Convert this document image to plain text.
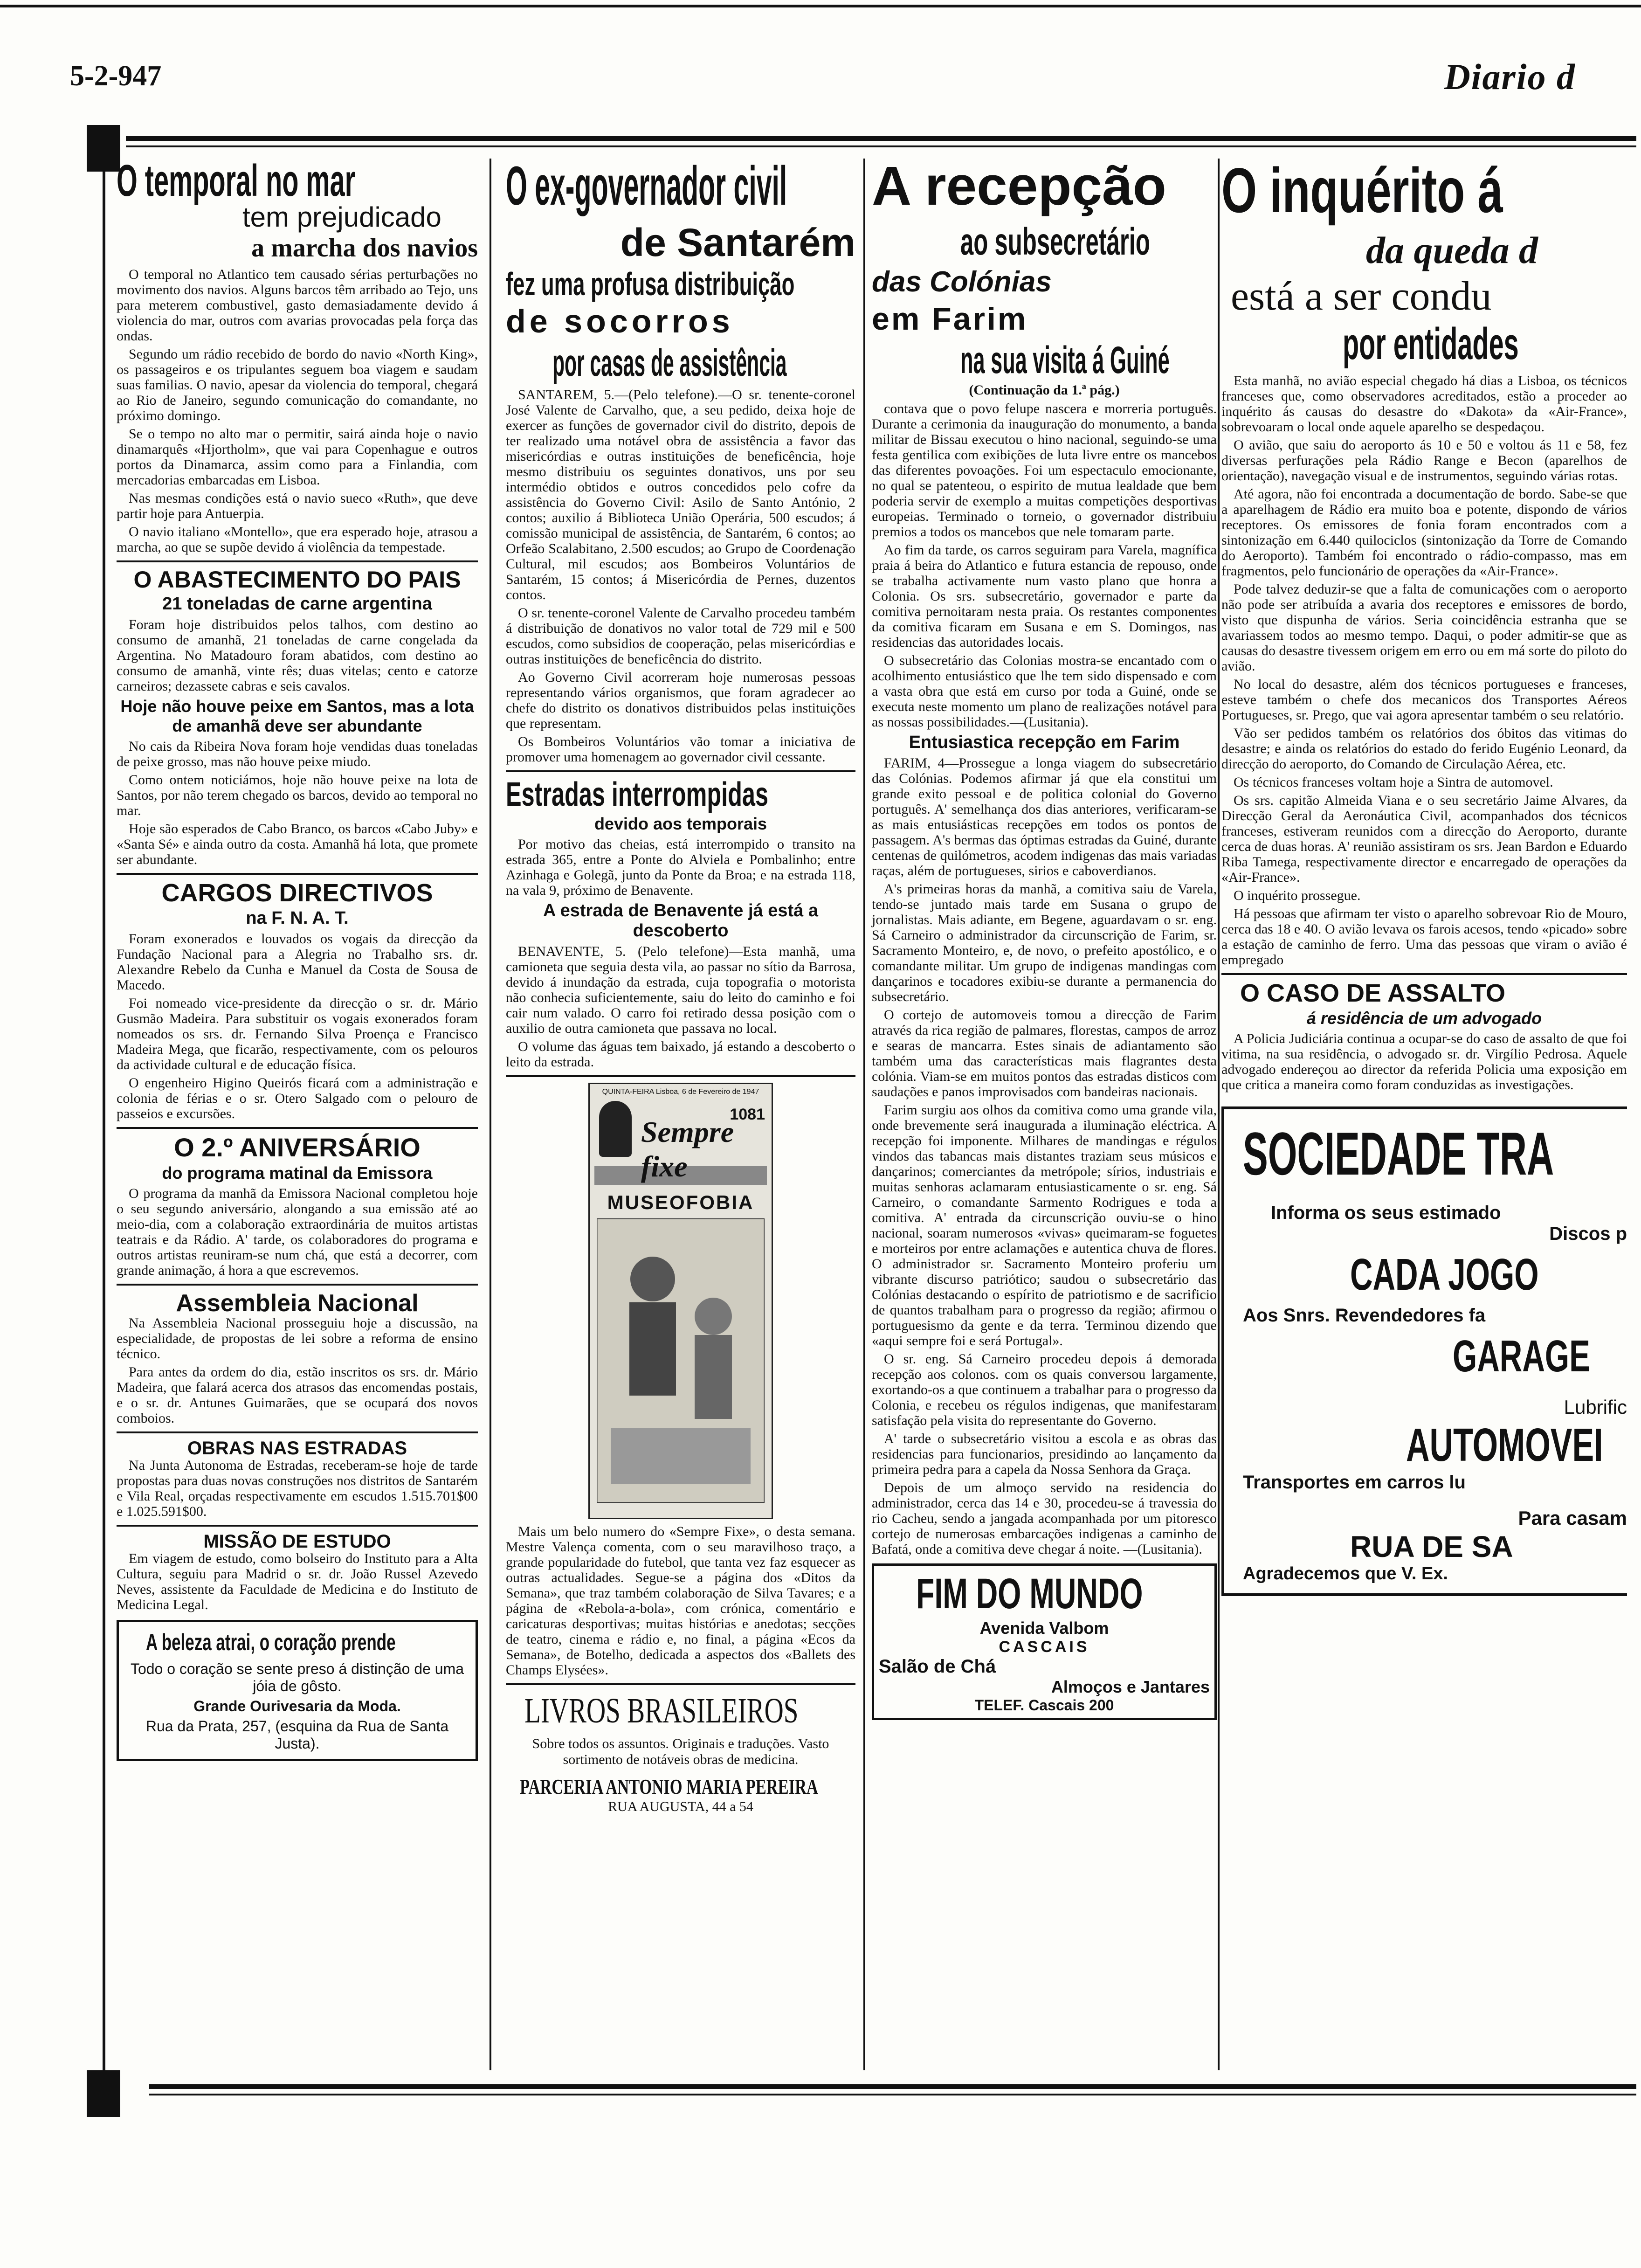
5-2-947	Diario d
O temporal no mar
tem prejudicado
a marcha dos navios

O temporal no Atlantico tem causado sérias perturbações no movimento dos navios. Alguns barcos têm arribado ao Tejo, uns para meterem combustivel, gasto demasiadamente devido á violencia do mar, outros com avarias provocadas pela força das ondas.

Segundo um rádio recebido de bordo do navio «North King», os passageiros e os tripulantes seguem boa viagem e saudam suas familias. O navio, apesar da violencia do temporal, chegará ao Rio de Janeiro, segundo comunicação do comandante, no próximo domingo.

Se o tempo no alto mar o permitir, sairá ainda hoje o navio dinamarquês «Hjortholm», que vai para Copenhague e outros portos da Dinamarca, assim como para a Finlandia, com mercadorias embarcadas em Lisboa.

Nas mesmas condições está o navio sueco «Ruth», que deve partir hoje para Antuerpia.

O navio italiano «Montello», que era esperado hoje, atrasou a marcha, ao que se supõe devido á violência da tempestade.

O ABASTECIMENTO DO PAIS
21 toneladas de carne argentina

Foram hoje distribuidos pelos talhos, com destino ao consumo de amanhã, 21 toneladas de carne congelada da Argentina. No Matadouro foram abatidos, com destino ao consumo de amanhã, vinte rês; duas vitelas; cento e catorze carneiros; dezassete cabras e seis cavalos.

Hoje não houve peixe em Santos, mas a lota de amanhã deve ser abundante

No cais da Ribeira Nova foram hoje vendidas duas toneladas de peixe grosso, mas não houve peixe miudo.

Como ontem noticiámos, hoje não houve peixe na lota de Santos, por não terem chegado os barcos, devido ao temporal no mar.

Hoje são esperados de Cabo Branco, os barcos «Cabo Juby» e «Santa Sé» e ainda outro da costa. Amanhã há lota, que promete ser abundante.

CARGOS DIRECTIVOS
na F. N. A. T.

Foram exonerados e louvados os vogais da direcção da Fundação Nacional para a Alegria no Trabalho srs. dr. Alexandre Rebelo da Cunha e Manuel da Costa de Sousa de Macedo.

Foi nomeado vice-presidente da direcção o sr. dr. Mário Gusmão Madeira. Para substituir os vogais exonerados foram nomeados os srs. dr. Fernando Silva Proença e Francisco Madeira Mega, que ficarão, respectivamente, com os pelouros da actividade cultural e de educação física.

O engenheiro Higino Queirós ficará com a administração e colonia de férias e o sr. Otero Salgado com o pelouro de passeios e excursões.

O 2.º ANIVERSÁRIO
do programa matinal da Emissora

O programa da manhã da Emissora Nacional completou hoje o seu segundo aniversário, alongando a sua emissão até ao meio-dia, com a colaboração extraordinária de muitos artistas teatrais e da Rádio. A' tarde, os colaboradores do programa e outros artistas reuniram-se num chá, que está a decorrer, com grande animação, á hora a que escrevemos.

Assembleia Nacional

Na Assembleia Nacional prosseguiu hoje a discussão, na especialidade, de propostas de lei sobre a reforma de ensino técnico.

Para antes da ordem do dia, estão inscritos os srs. dr. Mário Madeira, que falará acerca dos atrasos das encomendas postais, e o sr. dr. Antunes Guimarães, que se ocupará dos novos comboios.

OBRAS NAS ESTRADAS

Na Junta Autonoma de Estradas, receberam-se hoje de tarde propostas para duas novas construções nos distritos de Santarém e Vila Real, orçadas respectivamente em escudos 1.515.701$00 e 1.025.591$00.

MISSÃO DE ESTUDO

Em viagem de estudo, como bolseiro do Instituto para a Alta Cultura, seguiu para Madrid o sr. dr. João Russel Azevedo Neves, assistente da Faculdade de Medicina e do Instituto de Medicina Legal.

A beleza atrai, o coração prende
Todo o coração se sente preso á distinção de uma jóia de gôsto.
Grande Ourivesaria da Moda.
Rua da Prata, 257, (esquina da Rua de Santa Justa).
O ex-governador civil
de Santarém
fez uma profusa distribuição
de socorros
por casas de assistência

SANTAREM, 5.—(Pelo telefone).—O sr. tenente-coronel José Valente de Carvalho, que, a seu pedido, deixa hoje de exercer as funções de governador civil do distrito, depois de ter realizado uma notável obra de assistência a favor das misericórdias e outras instituições de beneficência, hoje mesmo distribuiu os seguintes donativos, uns por seu intermédio obtidos e outros concedidos pelo cofre da assistência do Governo Civil: Asilo de Santo António, 2 contos; auxilio á Biblioteca União Operária, 500 escudos; á comissão municipal de assistência, de Santarém, 6 contos; ao Orfeão Scalabitano, 2.500 escudos; ao Grupo de Coordenação Cultural, mil escudos; aos Bombeiros Voluntários de Santarém, 15 contos; á Misericórdia de Pernes, duzentos contos.

O sr. tenente-coronel Valente de Carvalho procedeu também á distribuição de donativos no valor total de 729 mil e 500 escudos, como subsidios de cooperação, pelas misericórdias e outras instituições de beneficência do distrito.

Ao Governo Civil acorreram hoje numerosas pessoas representando vários organismos, que foram agradecer ao chefe do distrito os donativos distribuidos pelas instituições que representam.

Os Bombeiros Voluntários vão tomar a iniciativa de promover uma homenagem ao governador civil cessante.

Estradas interrompidas
devido aos temporais

Por motivo das cheias, está interrompido o transito na estrada 365, entre a Ponte do Alviela e Pombalinho; entre Azinhaga e Golegã, junto da Ponte da Broa; e na estrada 118, na vala 9, próximo de Benavente.

A estrada de Benavente já está a descoberto

BENAVENTE, 5. (Pelo telefone)—Esta manhã, uma camioneta que seguia desta vila, ao passar no sítio da Barrosa, devido á inundação da estrada, cuja topografia o motorista não conhecia suficientemente, saiu do leito do caminho e foi cair num valado. O carro foi retirado dessa posição com o auxilio de outra camioneta que passava no local.

O volume das águas tem baixado, já estando a descoberto o leito da estrada.

QUINTA-FEIRA Lisboa, 6 de Fevereiro de 1947
Sempre fixe
1081
MUSEOFOBIA

Mais um belo numero do «Sempre Fixe», o desta semana. Mestre Valença comenta, com o seu maravilhoso traço, a grande popularidade do futebol, que tanta vez faz esquecer as outras actualidades. Segue-se a página dos «Ditos da Semana», que traz também colaboração de Silva Tavares; e a página de «Rebola-a-bola», com crónica, comentário e caricaturas desportivas; muitas histórias e anedotas; secções de teatro, cinema e rádio e, no final, a página «Ecos da Semana», de Botelho, dedicada a aspectos dos «Ballets des Champs Elysées».

LIVROS BRASILEIROS
Sobre todos os assuntos. Originais e traduções. Vasto sortimento de notáveis obras de medicina.
PARCERIA ANTONIO MARIA PEREIRA
RUA AUGUSTA, 44 a 54
A recepção
ao subsecretário
das Colónias
em Farim
na sua visita á Guiné
(Continuação da 1.ª pág.)

contava que o povo felupe nascera e morreria português. Durante a cerimonia da inauguração do monumento, a banda militar de Bissau executou o hino nacional, seguindo-se uma festa gentilica com exibições de luta livre entre os mancebos das diferentes povoações. Foi um espectaculo emocionante, no qual se patenteou, o espirito de mutua lealdade que bem poderia servir de exemplo a muitas competições desportivas europeias. Terminado o torneio, o governador distribuiu premios a todos os mancebos que nele tomaram parte.

Ao fim da tarde, os carros seguiram para Varela, magnífica praia á beira do Atlantico e futura estancia de repouso, onde se trabalha activamente num vasto plano que honra a Colonia. Os srs. subsecretário, governador e parte da comitiva pernoitaram nesta praia. Os restantes componentes da comitiva ficaram em Susana e em S. Domingos, nas residencias das autoridades locais.

O subsecretário das Colonias mostra-se encantado com o acolhimento entusiástico que lhe tem sido dispensado e com a vasta obra que está em curso por toda a Guiné, onde se executa neste momento um plano de realizações notável para as nossas possibilidades.—(Lusitania).

Entusiastica recepção em Farim

FARIM, 4—Prossegue a longa viagem do subsecretário das Colónias. Podemos afirmar já que ela constitui um grande exito pessoal e de politica colonial do Governo português. A' semelhança dos dias anteriores, verificaram-se as mais entusiásticas recepções em todos os pontos de passagem. A's bermas das óptimas estradas da Guiné, durante centenas de quilómetros, acodem indigenas das mais variadas raças, além de portugueses, sirios e caboverdianos.

A's primeiras horas da manhã, a comitiva saiu de Varela, tendo-se juntado mais tarde em Susana o grupo de jornalistas. Mais adiante, em Begene, aguardavam o sr. eng. Sá Carneiro o administrador da circunscrição de Farim, sr. Sacramento Monteiro, e, de novo, o prefeito apostólico, e o comandante militar. Um grupo de indigenas mandingas com dançarinos e tocadores exibiu-se durante a permanencia do subsecretário.

O cortejo de automoveis tomou a direcção de Farim através da rica região de palmares, florestas, campos de arroz e searas de mancarra. Estes sinais de adiantamento são também uma das características mais flagrantes desta colónia. Viam-se em muitos pontos das estradas disticos com saudações e panos improvisados com bandeiras nacionais.

Farim surgiu aos olhos da comitiva como uma grande vila, onde brevemente será inaugurada a iluminação eléctrica. A recepção foi imponente. Milhares de mandingas e régulos vindos das tabancas mais distantes traziam seus músicos e dançarinos; comerciantes da metrópole; sírios, industriais e muitas senhoras aclamaram entusiasticamente o sr. eng. Sá Carneiro, o comandante Sarmento Rodrigues e toda a comitiva. A' entrada da circunscrição ouviu-se o hino nacional, soaram numerosos «vivas» queimaram-se foguetes e morteiros por entre aclamações e autentica chuva de flores. O administrador sr. Sacramento Monteiro proferiu um vibrante discurso patriótico; saudou o subsecretário das Colónias destacando o espírito de patriotismo e de sacrificio de quantos trabalham para o progresso da região; afirmou o portuguesismo da gente e da terra. Terminou dizendo que «aqui sempre foi e será Portugal».

O sr. eng. Sá Carneiro procedeu depois á demorada recepção aos colonos. com os quais conversou largamente, exortando-os a que continuem a trabalhar para o progresso da Colonia, e recebeu os régulos indigenas, que manifestaram satisfação pela visita do representante do Governo.

A' tarde o subsecretário visitou a escola e as obras das residencias para funcionarios, presidindo ao lançamento da primeira pedra para a capela da Nossa Senhora da Graça.

Depois de um almoço servido na residencia do administrador, cerca das 14 e 30, procedeu-se á travessia do rio Cacheu, sendo a jangada acompanhada por um pitoresco cortejo de numerosas embarcações indigenas a caminho de Bafatá, onde a comitiva deve chegar á noite. —(Lusitania).

FIM DO MUNDO
Avenida Valbom
CASCAIS
Salão de Chá
Almoços e Jantares
TELEF. Cascais 200
O inquérito á
da queda d
está a ser condu
por entidades

Esta manhã, no avião especial chegado há dias a Lisboa, os técnicos franceses que, como observadores acreditados, estão a proceder ao inquérito ás causas do desastre do «Dakota» da «Air-France», sobrevoaram o local onde aquele aparelho se despedaçou.

O avião, que saiu do aeroporto ás 10 e 50 e voltou ás 11 e 58, fez diversas perfurações pela Rádio Range e Becon (aparelhos de orientação), navegação visual e de instrumentos, seguindo várias rotas.

Até agora, não foi encontrada a documentação de bordo. Sabe-se que a aparelhagem de Rádio era muito boa e potente, dispondo de vários receptores. Os emissores de fonia foram encontrados com a sintonização em 6.440 quilociclos (sintonização da Torre de Comando do Aeroporto). Também foi encontrado o rádio-compasso, mas em fragmentos, pelo funcionário de operações da «Air-France».

Pode talvez deduzir-se que a falta de comunicações com o aeroporto não pode ser atribuída a avaria dos receptores e emissores de bordo, visto que dispunha de vários. Seria coincidência estranha que se avariassem todos ao mesmo tempo. Daqui, o poder admitir-se que as causas do desastre tivessem origem em erro ou em má sorte do piloto do avião.

No local do desastre, além dos técnicos portugueses e franceses, esteve também o chefe dos mecanicos dos Transportes Aéreos Portugueses, sr. Prego, que vai agora apresentar também o seu relatório.

Vão ser pedidos também os relatórios dos óbitos das vitimas do desastre; e ainda os relatórios do estado do ferido Eugénio Leonard, da direcção do aeroporto, do Comando de Circulação Aérea, etc.

Os técnicos franceses voltam hoje a Sintra de automovel.

Os srs. capitão Almeida Viana e o seu secretário Jaime Alvares, da Direcção Geral da Aeronáutica Civil, acompanhados dos técnicos franceses, estiveram reunidos com a direcção do Aeroporto, durante cerca de duas horas. A' reunião assistiram os srs. Jean Bardon e Eduardo Riba Tamega, respectivamente director e encarregado de operações da «Air-France».

O inquérito prossegue.

Há pessoas que afirmam ter visto o aparelho sobrevoar Rio de Mouro, cerca das 18 e 40. O avião levava os farois acesos, tendo «picado» sobre a estação de caminho de ferro. Uma das pessoas que viram o avião é empregado

O CASO DE ASSALTO
á residência de um advogado

A Policia Judiciária continua a ocupar-se do caso de assalto de que foi vitima, na sua residência, o advogado sr. dr. Virgílio Pedrosa. Aquele advogado endereçou ao director da referida Policia uma exposição em que critica a maneira como foram conduzidas as investigações.

SOCIEDADE TRA
Informa os seus estimado
Discos p
CADA JOGO
Aos Snrs. Revendedores fa
GARAGE
Lubrific
AUTOMOVEI
Transportes em carros lu
Para casam
RUA DE SA
Agradecemos que V. Ex.
